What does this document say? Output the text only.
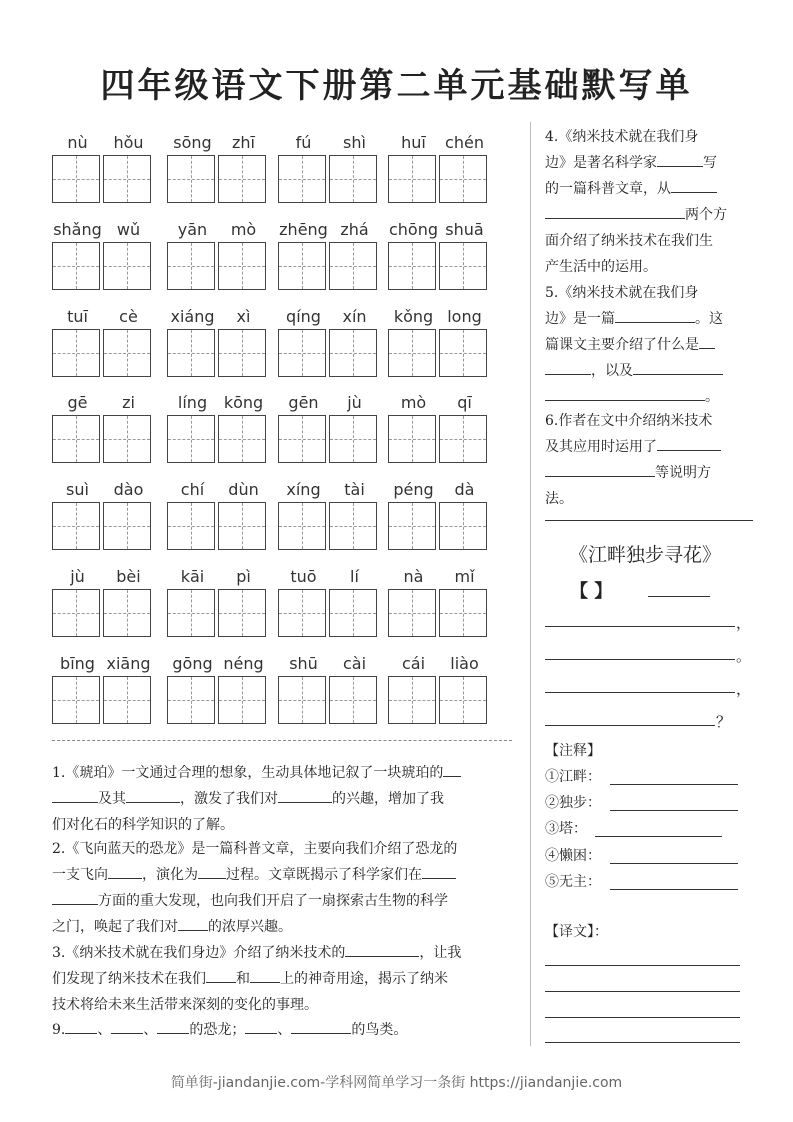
四年级语文下册第二单元基础默写单
nù	hǒu	sōng	zhī	fú	shì	huī	chén
shǎng wǔ	yān	mò	zhēng zhá	chōng shuā
tuī	cè	xiáng	xì	qíng	xín	kǒng long
gē	zi	líng	kōng	gēn	jù	mò	qī
suì	dào	chí	dùn	xíng	tài	péng	dà
jù	bèi	kāi	pì	tuō	lí	nà	mǐ
bīng xiāng	gōng néng	shū	cài	cái	liào
1.《琥珀》一文通过合理的想象，生动具体地记叙了一块琥珀的
及其	，激发了我们对	的兴趣，增加了我
们对化石的科学知识的了解。
2.《飞向蓝天的恐龙》是一篇科普文章，主要向我们介绍了恐龙的
一支飞向 ，演化为 过程。文章既揭示了科学家们在
方面的重大发现，也向我们开启了一扇探索古生物的科学
之门，唤起了我们对 的浓厚兴趣。
3.《纳米技术就在我们身边》介绍了纳米技术的	，让我
们发现了纳米技术在我们 和 上的神奇用途，揭示了纳米
技术将给未来生活带来深刻的变化的事理。
9. 、 、 的恐龙； 、	的鸟类。
4.《纳米技术就在我们身
边》是著名科学家	写
的一篇科普文章，从
两个方
面介绍了纳米技术在我们生
产生活中的运用。
5.《纳米技术就在我们身
边》是一篇	。这
篇课文主要介绍了什么是
，以及
。
6.作者在文中介绍纳米技术
及其应用时运用了
等说明方
法。
《江畔独步寻花》
【 】
，
。
，
？
【注释】
①江畔：
②独步：
③塔：
④懒困：
⑤无主：
【译文】：
简单街-jiandanjie.com-学科网简单学习一条街 https://jiandanjie.com
